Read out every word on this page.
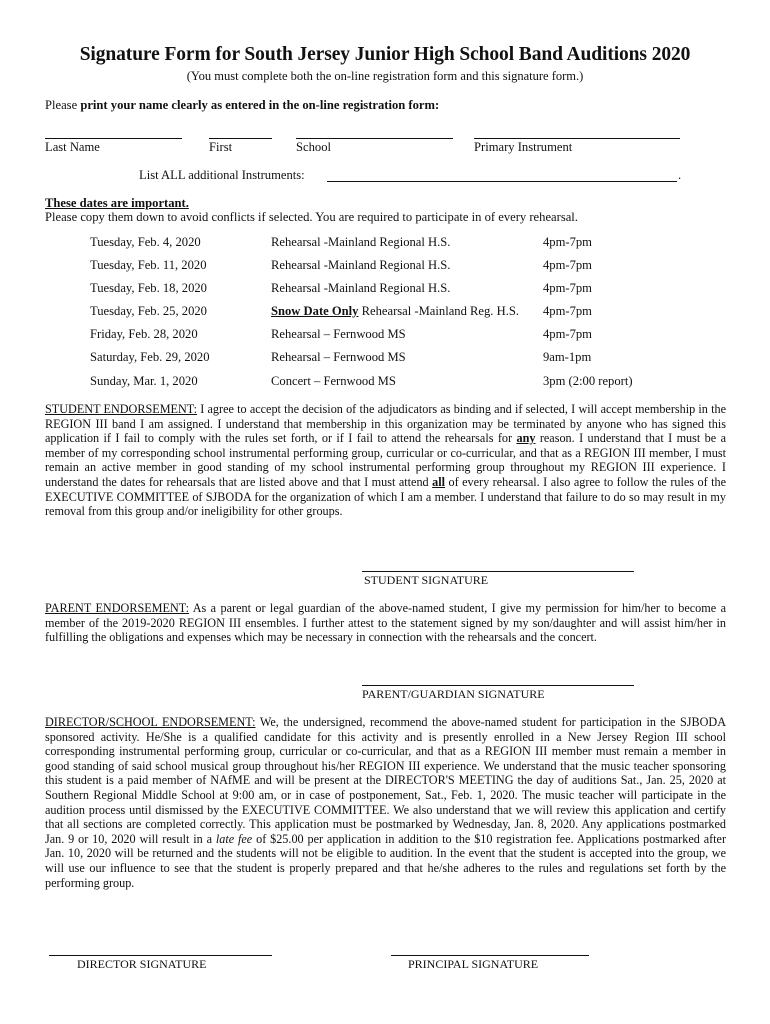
Signature Form for South Jersey Junior High School Band Auditions 2020
(You must complete both the on-line registration form and this signature form.)
Please print your name clearly as entered in the on-line registration form:
Last Name	First	School	Primary Instrument
List ALL additional Instruments:	.
These dates are important.
Please copy them down to avoid conflicts if selected. You are required to participate in of every rehearsal.
Tuesday, Feb. 4, 2020	Rehearsal -Mainland Regional H.S.	4pm-7pm
Tuesday, Feb. 11, 2020	Rehearsal -Mainland Regional H.S.	4pm-7pm
Tuesday, Feb. 18, 2020	Rehearsal -Mainland Regional H.S.	4pm-7pm
Tuesday, Feb. 25, 2020	Snow Date Only Rehearsal -Mainland Reg. H.S. 4pm-7pm
Friday, Feb. 28, 2020	Rehearsal – Fernwood MS	4pm-7pm
Saturday, Feb. 29, 2020	Rehearsal – Fernwood MS	9am-1pm
Sunday, Mar. 1, 2020	Concert – Fernwood MS	3pm (2:00 report)
STUDENT ENDORSEMENT: I agree to accept the decision of the adjudicators as binding and if selected, I will accept membership in the REGION III band I am assigned. I understand that membership in this organization may be terminated by anyone who has signed this application if I fail to comply with the rules set forth, or if I fail to attend the rehearsals for any reason. I understand that I must be a member of my corresponding school instrumental performing group, curricular or co-curricular, and that as a REGION III member, I must remain an active member in good standing of my school instrumental performing group throughout my REGION III experience. I understand the dates for rehearsals that are listed above and that I must attend all of every rehearsal. I also agree to follow the rules of the EXECUTIVE COMMITTEE of SJBODA for the organization of which I am a member. I understand that failure to do so may result in my removal from this group and/or ineligibility for other groups.
STUDENT SIGNATURE
PARENT ENDORSEMENT: As a parent or legal guardian of the above-named student, I give my permission for him/her to become a member of the 2019-2020 REGION III ensembles. I further attest to the statement signed by my son/daughter and will assist him/her in fulfilling the obligations and expenses which may be necessary in connection with the rehearsals and the concert.
PARENT/GUARDIAN SIGNATURE
DIRECTOR/SCHOOL ENDORSEMENT: We, the undersigned, recommend the above-named student for participation in the SJBODA sponsored activity. He/She is a qualified candidate for this activity and is presently enrolled in a New Jersey Region III school corresponding instrumental performing group, curricular or co-curricular, and that as a REGION III member must remain a member in good standing of said school musical group throughout his/her REGION III experience. We understand that the music teacher sponsoring this student is a paid member of NAfME and will be present at the DIRECTOR'S MEETING the day of auditions Sat., Jan. 25, 2020 at Southern Regional Middle School at 9:00 am, or in case of postponement, Sat., Feb. 1, 2020. The music teacher will participate in the audition process until dismissed by the EXECUTIVE COMMITTEE. We also understand that we will review this application and certify that all sections are completed correctly. This application must be postmarked by Wednesday, Jan. 8, 2020. Any applications postmarked Jan. 9 or 10, 2020 will result in a late fee of $25.00 per application in addition to the $10 registration fee. Applications postmarked after Jan. 10, 2020 will be returned and the students will not be eligible to audition. In the event that the student is accepted into the group, we will use our influence to see that the student is properly prepared and that he/she adheres to the rules and regulations set forth by the performing group.
DIRECTOR SIGNATURE	PRINCIPAL SIGNATURE
